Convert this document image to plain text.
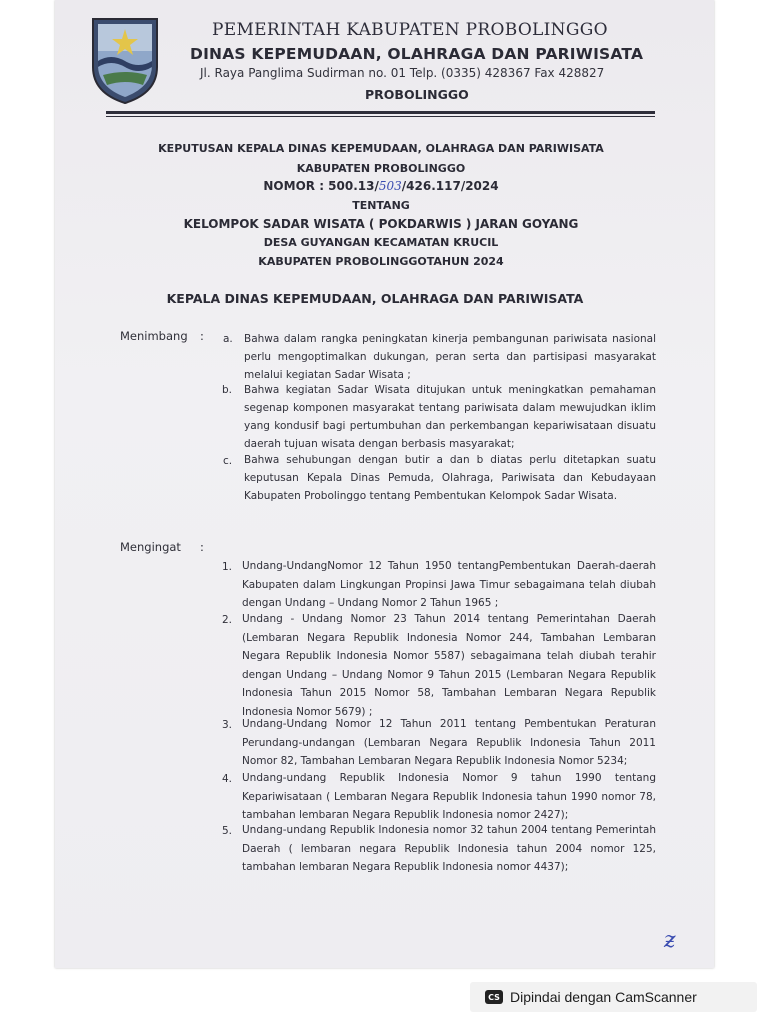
PEMERINTAH KABUPATEN PROBOLINGGO
DINAS KEPEMUDAAN, OLAHRAGA DAN PARIWISATA
Jl. Raya Panglima Sudirman no. 01 Telp. (0335) 428367 Fax 428827
PROBOLINGGO
KEPUTUSAN KEPALA DINAS KEPEMUDAAN, OLAHRAGA DAN PARIWISATA
KABUPATEN PROBOLINGGO
NOMOR : 500.13/503/426.117/2024
TENTANG
KELOMPOK SADAR WISATA ( POKDARWIS ) JARAN GOYANG
DESA GUYANGAN KECAMATAN KRUCIL
KABUPATEN PROBOLINGGOTAHUN 2024
KEPALA DINAS KEPEMUDAAN, OLAHRAGA DAN PARIWISATA
Menimbang : a. Bahwa dalam rangka peningkatan kinerja pembangunan pariwisata nasional perlu mengoptimalkan dukungan, peran serta dan partisipasi masyarakat melalui kegiatan Sadar Wisata ;
b. Bahwa kegiatan Sadar Wisata ditujukan untuk meningkatkan pemahaman segenap komponen masyarakat tentang pariwisata dalam mewujudkan iklim yang kondusif bagi pertumbuhan dan perkembangan kepariwisataan disuatu daerah tujuan wisata dengan berbasis masyarakat;
c. Bahwa sehubungan dengan butir a dan b diatas perlu ditetapkan suatu keputusan Kepala Dinas Pemuda, Olahraga, Pariwisata dan Kebudayaan Kabupaten Probolinggo tentang Pembentukan Kelompok Sadar Wisata.
Mengingat :
1. Undang-UndangNomor 12 Tahun 1950 tentangPembentukan Daerah-daerah Kabupaten dalam Lingkungan Propinsi Jawa Timur sebagaimana telah diubah dengan Undang – Undang Nomor 2 Tahun 1965 ;
2. Undang - Undang Nomor 23 Tahun 2014 tentang Pemerintahan Daerah (Lembaran Negara Republik Indonesia Nomor 244, Tambahan Lembaran Negara Republik Indonesia Nomor 5587) sebagaimana telah diubah terahir dengan Undang – Undang Nomor 9 Tahun 2015 (Lembaran Negara Republik Indonesia Tahun 2015 Nomor 58, Tambahan Lembaran Negara Republik Indonesia Nomor 5679) ;
3. Undang-Undang Nomor 12 Tahun 2011 tentang Pembentukan Peraturan Perundang-undangan (Lembaran Negara Republik Indonesia Tahun 2011 Nomor 82, Tambahan Lembaran Negara Republik Indonesia Nomor 5234;
4. Undang-undang Republik Indonesia Nomor 9 tahun 1990 tentang Kepariwisataan ( Lembaran Negara Republik Indonesia tahun 1990 nomor 78, tambahan lembaran Negara Republik Indonesia nomor 2427);
5. Undang-undang Republik Indonesia nomor 32 tahun 2004 tentang Pemerintah Daerah ( lembaran negara Republik Indonesia tahun 2004 nomor 125, tambahan lembaran Negara Republik Indonesia nomor 4437);
ƶ
CS Dipindai dengan CamScanner
